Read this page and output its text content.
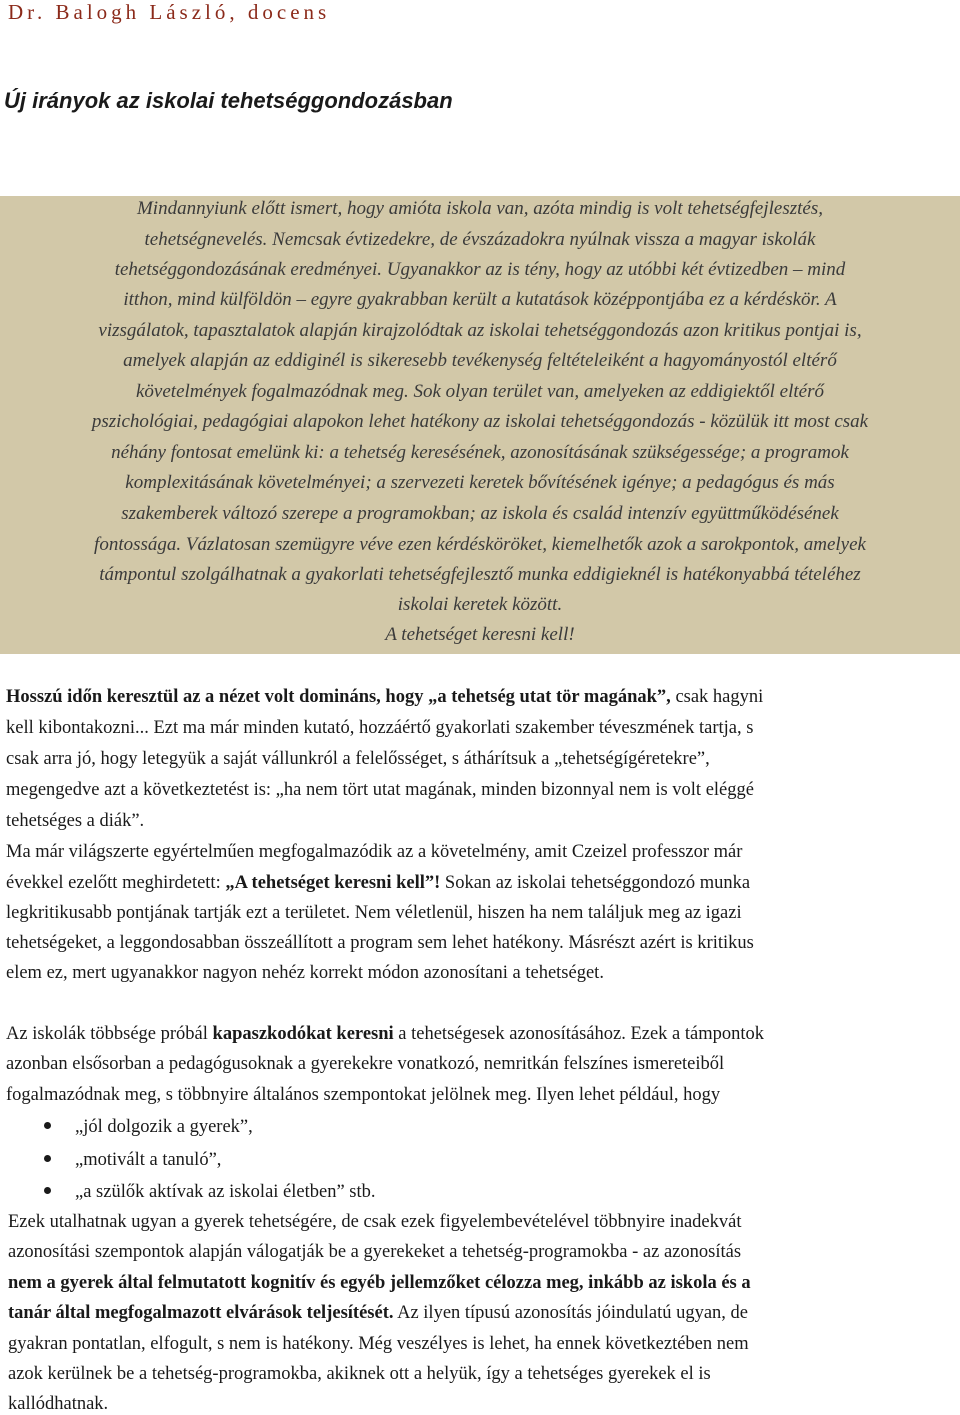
Dr. Balogh László, docens
Új irányok az iskolai tehetséggondozásban
Mindannyiunk előtt ismert, hogy amióta iskola van, azóta mindig is volt tehetségfejlesztés,
tehetségnevelés. Nemcsak évtizedekre, de évszázadokra nyúlnak vissza a magyar iskolák
tehetséggondozásának eredményei. Ugyanakkor az is tény, hogy az utóbbi két évtizedben – mind
itthon, mind külföldön – egyre gyakrabban került a kutatások középpontjába ez a kérdéskör. A
vizsgálatok, tapasztalatok alapján kirajzolódtak az iskolai tehetséggondozás azon kritikus pontjai is,
amelyek alapján az eddiginél is sikeresebb tevékenység feltételeiként a hagyományostól eltérő
követelmények fogalmazódnak meg. Sok olyan terület van, amelyeken az eddigiektől eltérő
pszichológiai, pedagógiai alapokon lehet hatékony az iskolai tehetséggondozás - közülük itt most csak
néhány fontosat emelünk ki: a tehetség keresésének, azonosításának szükségessége; a programok
komplexitásának követelményei; a szervezeti keretek bővítésének igénye; a pedagógus és más
szakemberek változó szerepe a programokban; az iskola és család intenzív együttműködésének
fontossága. Vázlatosan szemügyre véve ezen kérdésköröket, kiemelhetők azok a sarokpontok, amelyek
támpontul szolgálhatnak a gyakorlati tehetségfejlesztő munka eddigieknél is hatékonyabbá tételéhez
iskolai keretek között.
A tehetséget keresni kell!
Hosszú időn keresztül az a nézet volt domináns, hogy „a tehetség utat tör magának”, csak hagyni
kell kibontakozni... Ezt ma már minden kutató, hozzáértő gyakorlati szakember téveszmének tartja, s
csak arra jó, hogy letegyük a saját vállunkról a felelősséget, s áthárítsuk a „tehetségígéretekre”,
megengedve azt a következtetést is: „ha nem tört utat magának, minden bizonnyal nem is volt eléggé
tehetséges a diák”.
Ma már világszerte egyértelműen megfogalmazódik az a követelmény, amit Czeizel professzor már
évekkel ezelőtt meghirdetett: „A tehetséget keresni kell”! Sokan az iskolai tehetséggondozó munka
legkritikusabb pontjának tartják ezt a területet. Nem véletlenül, hiszen ha nem találjuk meg az igazi
tehetségeket, a leggondosabban összeállított a program sem lehet hatékony. Másrészt azért is kritikus
elem ez, mert ugyanakkor nagyon nehéz korrekt módon azonosítani a tehetséget.
Az iskolák többsége próbál kapaszkodókat keresni a tehetségesek azonosításához. Ezek a támpontok
azonban elsősorban a pedagógusoknak a gyerekekre vonatkozó, nemritkán felszínes ismereteiből
fogalmazódnak meg, s többnyire általános szempontokat jelölnek meg. Ilyen lehet például, hogy
„jól dolgozik a gyerek”,
„motivált a tanuló”,
„a szülők aktívak az iskolai életben” stb.
Ezek utalhatnak ugyan a gyerek tehetségére, de csak ezek figyelembevételével többnyire inadekvát
azonosítási szempontok alapján válogatják be a gyerekeket a tehetség-programokba - az azonosítás
nem a gyerek által felmutatott kognitív és egyéb jellemzőket célozza meg, inkább az iskola és a
tanár által megfogalmazott elvárások teljesítését. Az ilyen típusú azonosítás jóindulatú ugyan, de
gyakran pontatlan, elfogult, s nem is hatékony. Még veszélyes is lehet, ha ennek következtében nem
azok kerülnek be a tehetség-programokba, akiknek ott a helyük, így a tehetséges gyerekek el is
kallódhatnak.
